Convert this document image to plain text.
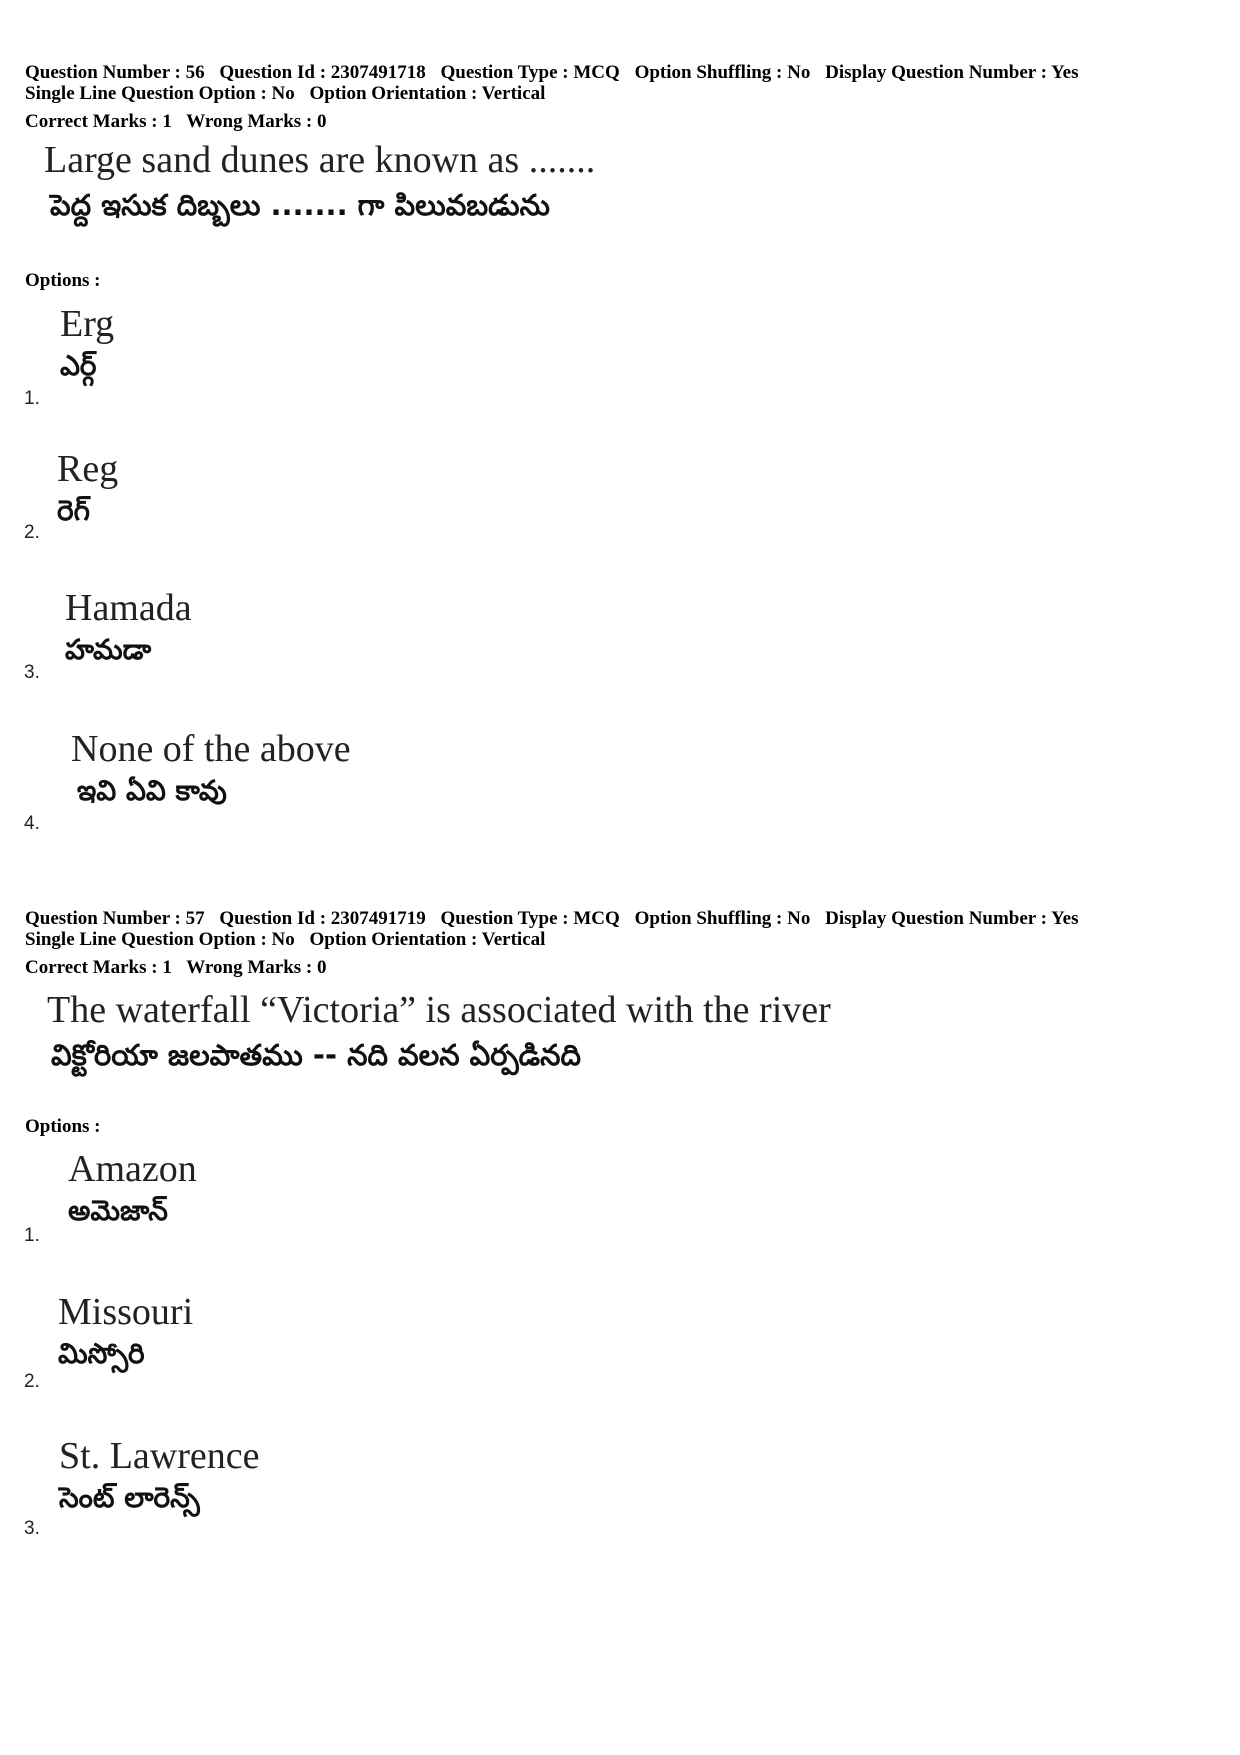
Question Number : 56 Question Id : 2307491718 Question Type : MCQ Option Shuffling : No Display Question Number : Yes
Single Line Question Option : No Option Orientation : Vertical
Correct Marks : 1 Wrong Marks : 0
Large sand dunes are known as .......
పెద్ద ఇసుక దిబ్బలు ....... గా పిలువబడును
Options :
Erg
ఎర్గ్
1.
Reg
రెగ్
2.
Hamada
హమడా
3.
None of the above
ఇవి ఏవి కావు
4.
Question Number : 57 Question Id : 2307491719 Question Type : MCQ Option Shuffling : No Display Question Number : Yes
Single Line Question Option : No Option Orientation : Vertical
Correct Marks : 1 Wrong Marks : 0
The waterfall “Victoria” is associated with the river
విక్టోరియా జలపాతము -- నది వలన ఏర్పడినది
Options :
Amazon
అమెజాన్
1.
Missouri
మిస్సోరి
2.
St. Lawrence
సెంట్ లారెన్స్
3.
